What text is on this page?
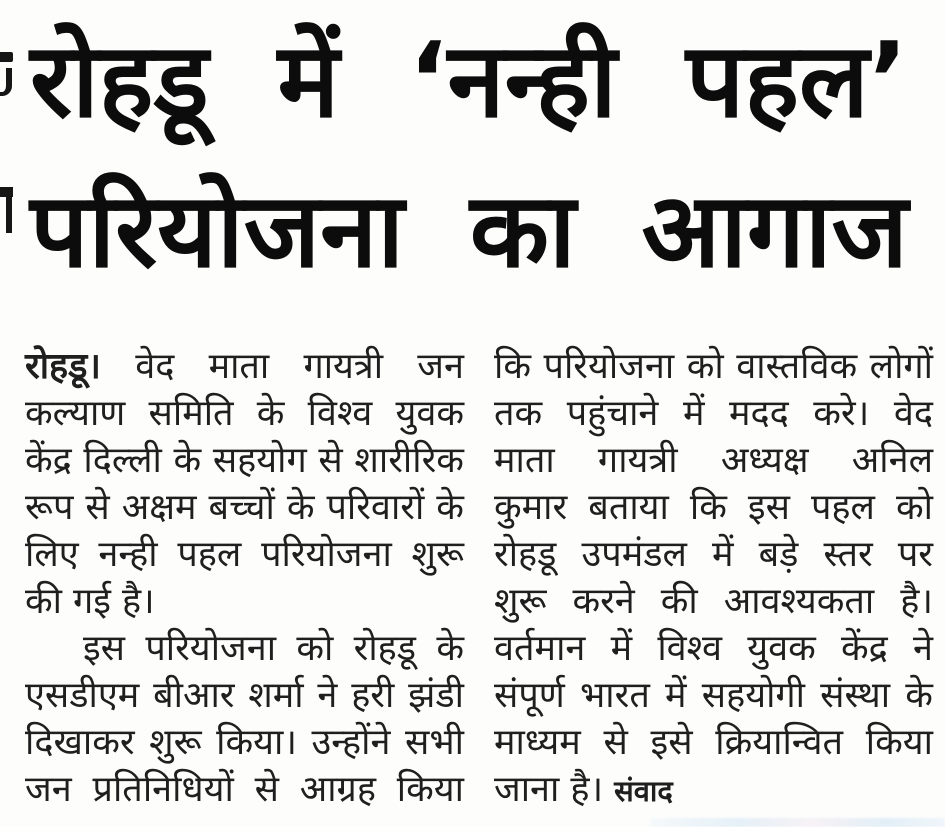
रोहडू में ‘नन्ही पहल’
परियोजना का आगाज
रोहडू। वेद माता गायत्री जन
कल्याण समिति के विश्व युवक
केंद्र दिल्ली के सहयोग से शारीरिक
रूप से अक्षम बच्चों के परिवारों के
लिए नन्ही पहल परियोजना शुरू
की गई है।
इस परियोजना को रोहडू के
एसडीएम बीआर शर्मा ने हरी झंडी
दिखाकर शुरू किया। उन्होंने सभी
जन प्रतिनिधियों से आग्रह किया
कि परियोजना को वास्तविक लोगों
तक पहुंचाने में मदद करे। वेद
माता गायत्री अध्यक्ष अनिल
कुमार बताया कि इस पहल को
रोहडू उपमंडल में बड़े स्तर पर
शुरू करने की आवश्यकता है।
वर्तमान में विश्व युवक केंद्र ने
संपूर्ण भारत में सहयोगी संस्था के
माध्यम से इसे क्रियान्वित किया
जाना है। संवाद
